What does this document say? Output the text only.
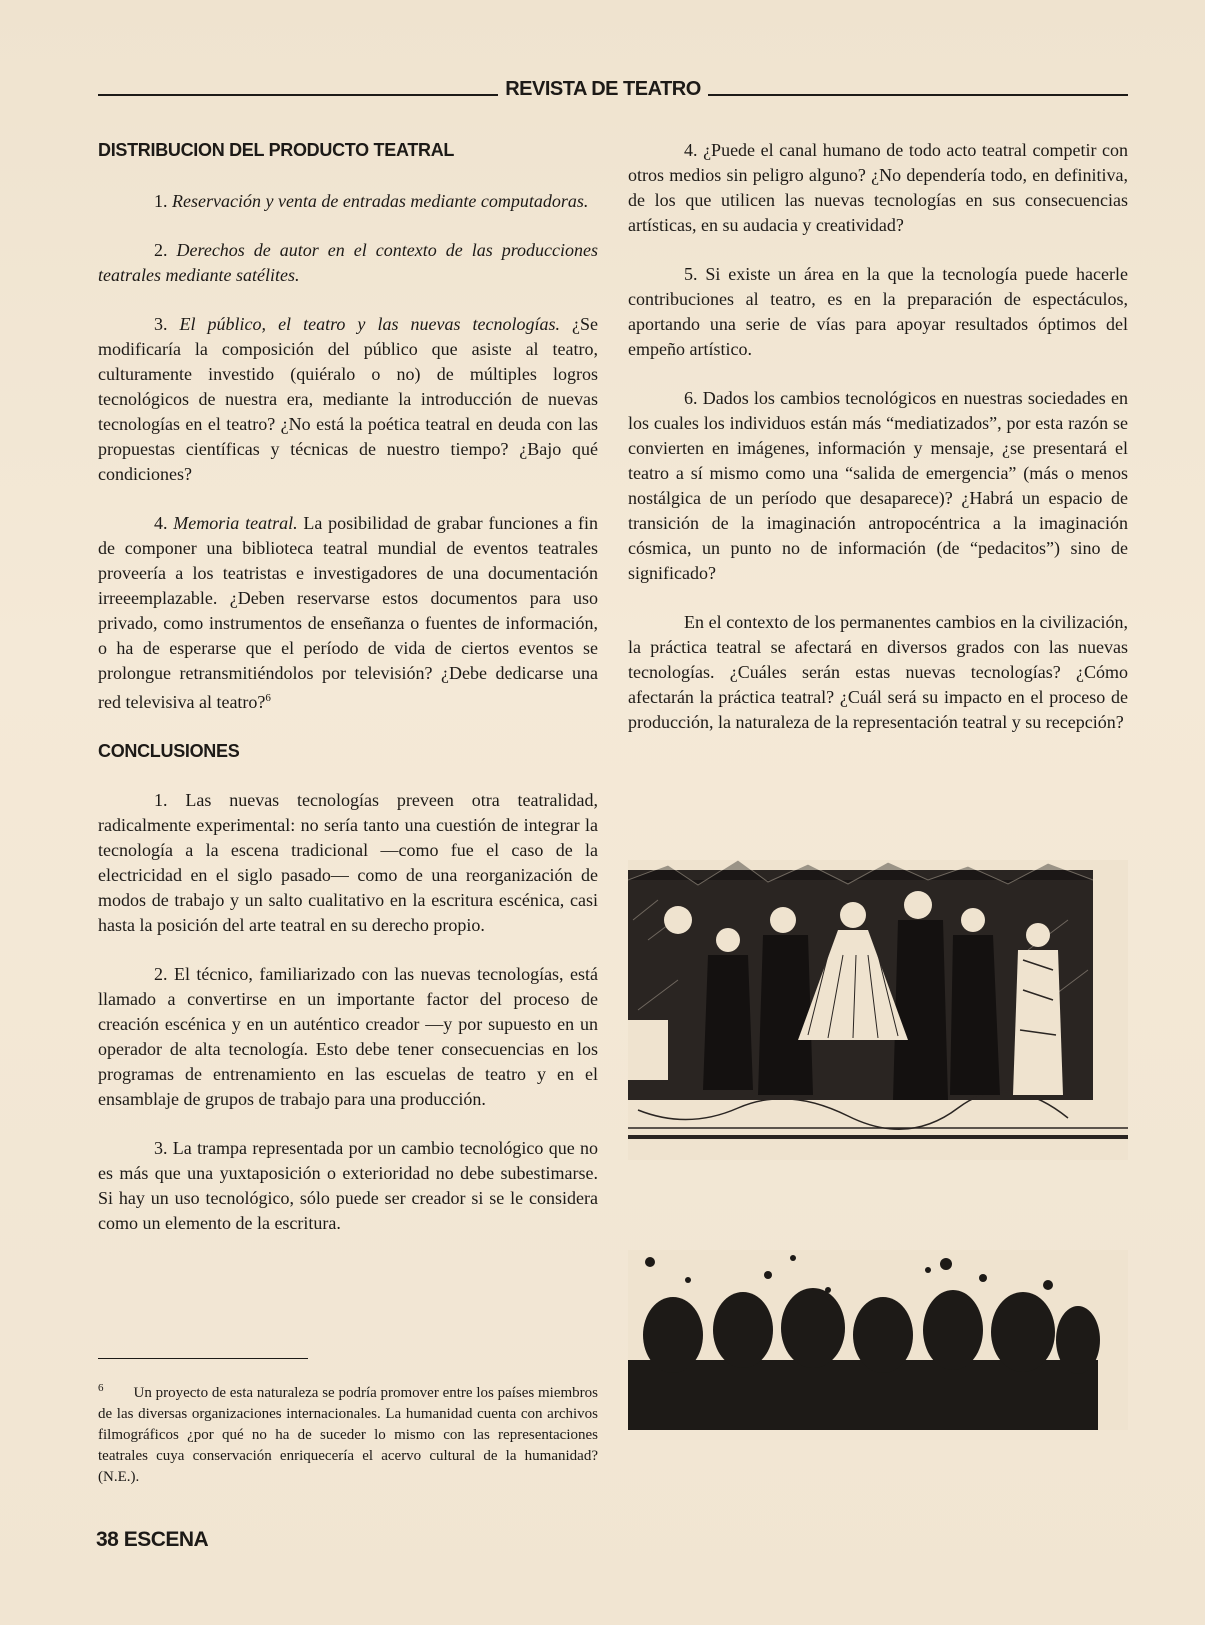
REVISTA DE TEATRO
DISTRIBUCION DEL PRODUCTO TEATRAL

1. Reservación y venta de entradas mediante computadoras.

2. Derechos de autor en el contexto de las producciones teatrales mediante satélites.

3. El público, el teatro y las nuevas tecnologías. ¿Se modificaría la composición del público que asiste al teatro, culturamente investido (quiéralo o no) de múltiples logros tecnológicos de nuestra era, mediante la introducción de nuevas tecnologías en el teatro? ¿No está la poética teatral en deuda con las propuestas científicas y técnicas de nuestro tiempo? ¿Bajo qué condiciones?

4. Memoria teatral. La posibilidad de grabar funciones a fin de componer una biblioteca teatral mundial de eventos teatrales proveería a los teatristas e investigadores de una documentación irreeemplazable. ¿Deben reservarse estos documentos para uso privado, como instrumentos de enseñanza o fuentes de información, o ha de esperarse que el período de vida de ciertos eventos se prolongue retransmitiéndolos por televisión? ¿Debe dedicarse una red televisiva al teatro?$^6$

CONCLUSIONES

1. Las nuevas tecnologías preveen otra teatralidad, radicalmente experimental: no sería tanto una cuestión de integrar la tecnología a la escena tradicional —como fue el caso de la electricidad en el siglo pasado— como de una reorganización de modos de trabajo y un salto cualitativo en la escritura escénica, casi hasta la posición del arte teatral en su derecho propio.

2. El técnico, familiarizado con las nuevas tecnologías, está llamado a convertirse en un importante factor del proceso de creación escénica y en un auténtico creador —y por supuesto en un operador de alta tecnología. Esto debe tener consecuencias en los programas de entrenamiento en las escuelas de teatro y en el ensamblaje de grupos de trabajo para una producción.

3. La trampa representada por un cambio tecnológico que no es más que una yuxtaposición o exterioridad no debe subestimarse. Si hay un uso tecnológico, sólo puede ser creador si se le considera como un elemento de la escritura.

$^6$ Un proyecto de esta naturaleza se podría promover entre los países miembros de las diversas organizaciones internacionales. La humanidad cuenta con archivos filmográficos ¿por qué no ha de suceder lo mismo con las representaciones teatrales cuya conservación enriquecería el acervo cultural de la humanidad? (N.E.).

4. ¿Puede el canal humano de todo acto teatral competir con otros medios sin peligro alguno? ¿No dependería todo, en definitiva, de los que utilicen las nuevas tecnologías en sus consecuencias artísticas, en su audacia y creatividad?

5. Si existe un área en la que la tecnología puede hacerle contribuciones al teatro, es en la preparación de espectáculos, aportando una serie de vías para apoyar resultados óptimos del empeño artístico.

6. Dados los cambios tecnológicos en nuestras sociedades en los cuales los individuos están más “mediatizados”, por esta razón se convierten en imágenes, información y mensaje, ¿se presentará el teatro a sí mismo como una “salida de emergencia” (más o menos nostálgica de un período que desaparece)? ¿Habrá un espacio de transición de la imaginación antropocéntrica a la imaginación cósmica, un punto no de información (de “pedacitos”) sino de significado?

En el contexto de los permanentes cambios en la civilización, la práctica teatral se afectará en diversos grados con las nuevas tecnologías. ¿Cuáles serán estas nuevas tecnologías? ¿Cómo afectarán la práctica teatral? ¿Cuál será su impacto en el proceso de producción, la naturaleza de la representación teatral y su recepción?

2
38 ESCENA
